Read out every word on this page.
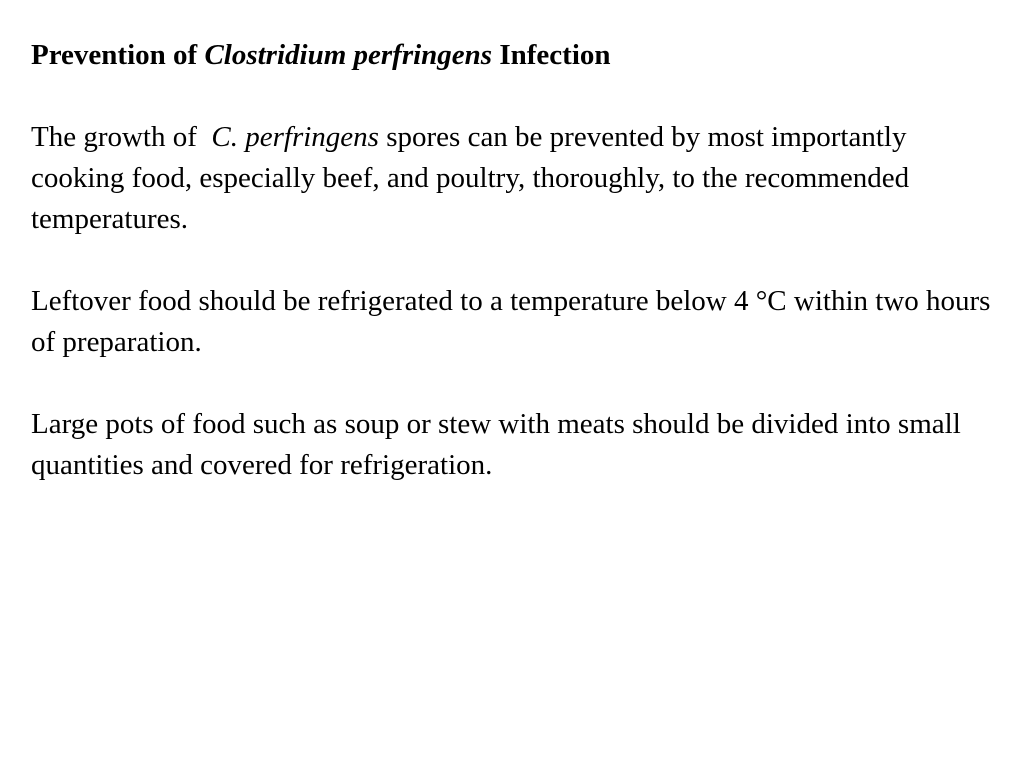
Prevention of Clostridium perfringens Infection
The growth of  C. perfringens spores can be prevented by most importantly cooking food, especially beef, and poultry, thoroughly, to the recommended temperatures.
Leftover food should be refrigerated to a temperature below 4 °C within two hours of preparation.
Large pots of food such as soup or stew with meats should be divided into small quantities and covered for refrigeration.
